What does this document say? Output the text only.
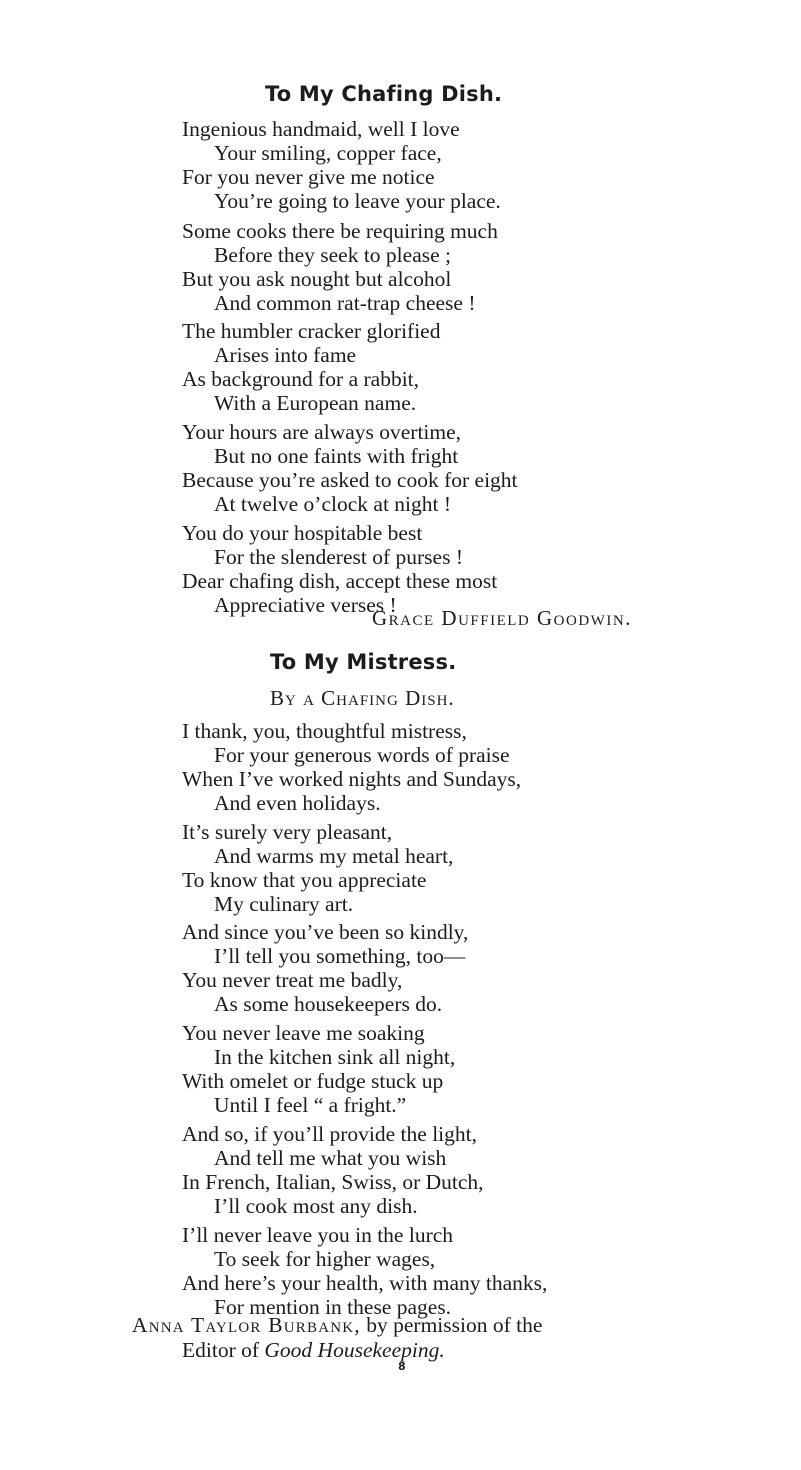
To My Chafing Dish.
Ingenious handmaid, well I love
Your smiling, copper face,
For you never give me notice
You’re going to leave your place.
Some cooks there be requiring much
Before they seek to please ;
But you ask nought but alcohol
And common rat-trap cheese !
The humbler cracker glorified
Arises into fame
As background for a rabbit,
With a European name.
Your hours are always overtime,
But no one faints with fright
Because you’re asked to cook for eight
At twelve o’clock at night !
You do your hospitable best
For the slenderest of purses !
Dear chafing dish, accept these most
Appreciative verses !
Grace Duffield Goodwin.
To My Mistress.
By a Chafing Dish.
I thank, you, thoughtful mistress,
For your generous words of praise
When I’ve worked nights and Sundays,
And even holidays.
It’s surely very pleasant,
And warms my metal heart,
To know that you appreciate
My culinary art.
And since you’ve been so kindly,
I’ll tell you something, too—
You never treat me badly,
As some housekeepers do.
You never leave me soaking
In the kitchen sink all night,
With omelet or fudge stuck up
Until I feel “ a fright.”
And so, if you’ll provide the light,
And tell me what you wish
In French, Italian, Swiss, or Dutch,
I’ll cook most any dish.
I’ll never leave you in the lurch
To seek for higher wages,
And here’s your health, with many thanks,
For mention in these pages.
Anna Taylor Burbank, by permission of the
Editor of Good Housekeeping.
8
